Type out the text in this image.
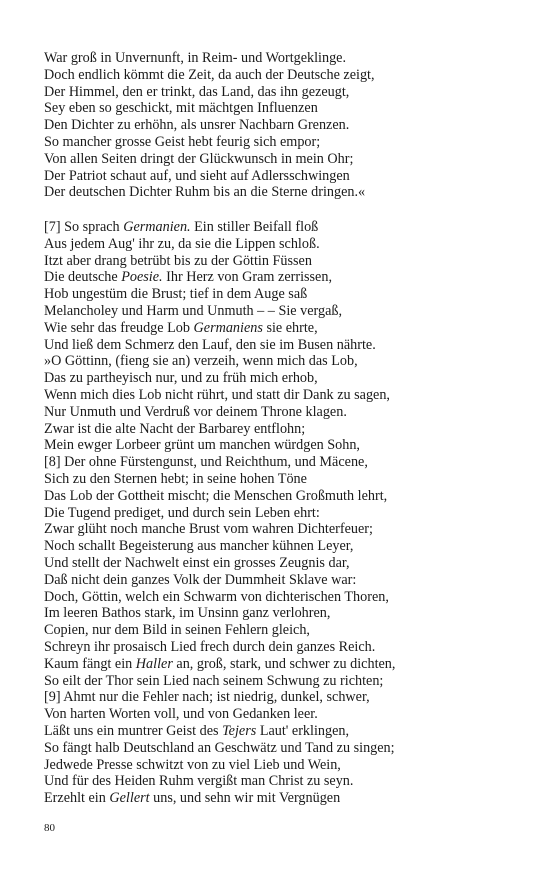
War groß in Unvernunft, in Reim- und Wortgeklinge.
Doch endlich kömmt die Zeit, da auch der Deutsche zeigt,
Der Himmel, den er trinkt, das Land, das ihn gezeugt,
Sey eben so geschickt, mit mächtgen Influenzen
Den Dichter zu erhöhn, als unsrer Nachbarn Grenzen.
So mancher grosse Geist hebt feurig sich empor;
Von allen Seiten dringt der Glückwunsch in mein Ohr;
Der Patriot schaut auf, und sieht auf Adlersschwingen
Der deutschen Dichter Ruhm bis an die Sterne dringen.«
[7] So sprach Germanien. Ein stiller Beifall floß
Aus jedem Aug' ihr zu, da sie die Lippen schloß.
Itzt aber drang betrübt bis zu der Göttin Füssen
Die deutsche Poesie. Ihr Herz von Gram zerrissen,
Hob ungestüm die Brust; tief in dem Auge saß
Melancholey und Harm und Unmuth – – Sie vergaß,
Wie sehr das freudge Lob Germaniens sie ehrte,
Und ließ dem Schmerz den Lauf, den sie im Busen nährte.
»O Göttinn, (fieng sie an) verzeih, wenn mich das Lob,
Das zu partheyisch nur, und zu früh mich erhob,
Wenn mich dies Lob nicht rührt, und statt dir Dank zu sagen,
Nur Unmuth und Verdruß vor deinem Throne klagen.
Zwar ist die alte Nacht der Barbarey entflohn;
Mein ewger Lorbeer grünt um manchen würdgen Sohn,
[8] Der ohne Fürstengunst, und Reichthum, und Mäcene,
Sich zu den Sternen hebt; in seine hohen Töne
Das Lob der Gottheit mischt; die Menschen Großmuth lehrt,
Die Tugend prediget, und durch sein Leben ehrt:
Zwar glüht noch manche Brust vom wahren Dichterfeuer;
Noch schallt Begeisterung aus mancher kühnen Leyer,
Und stellt der Nachwelt einst ein grosses Zeugnis dar,
Daß nicht dein ganzes Volk der Dummheit Sklave war:
Doch, Göttin, welch ein Schwarm von dichterischen Thoren,
Im leeren Bathos stark, im Unsinn ganz verlohren,
Copien, nur dem Bild in seinen Fehlern gleich,
Schreyn ihr prosaisch Lied frech durch dein ganzes Reich.
Kaum fängt ein Haller an, groß, stark, und schwer zu dichten,
So eilt der Thor sein Lied nach seinem Schwung zu richten;
[9] Ahmt nur die Fehler nach; ist niedrig, dunkel, schwer,
Von harten Worten voll, und von Gedanken leer.
Läßt uns ein muntrer Geist des Tejers Laut' erklingen,
So fängt halb Deutschland an Geschwätz und Tand zu singen;
Jedwede Presse schwitzt von zu viel Lieb und Wein,
Und für des Heiden Ruhm vergißt man Christ zu seyn.
Erzehlt ein Gellert uns, und sehn wir mit Vergnügen
80
